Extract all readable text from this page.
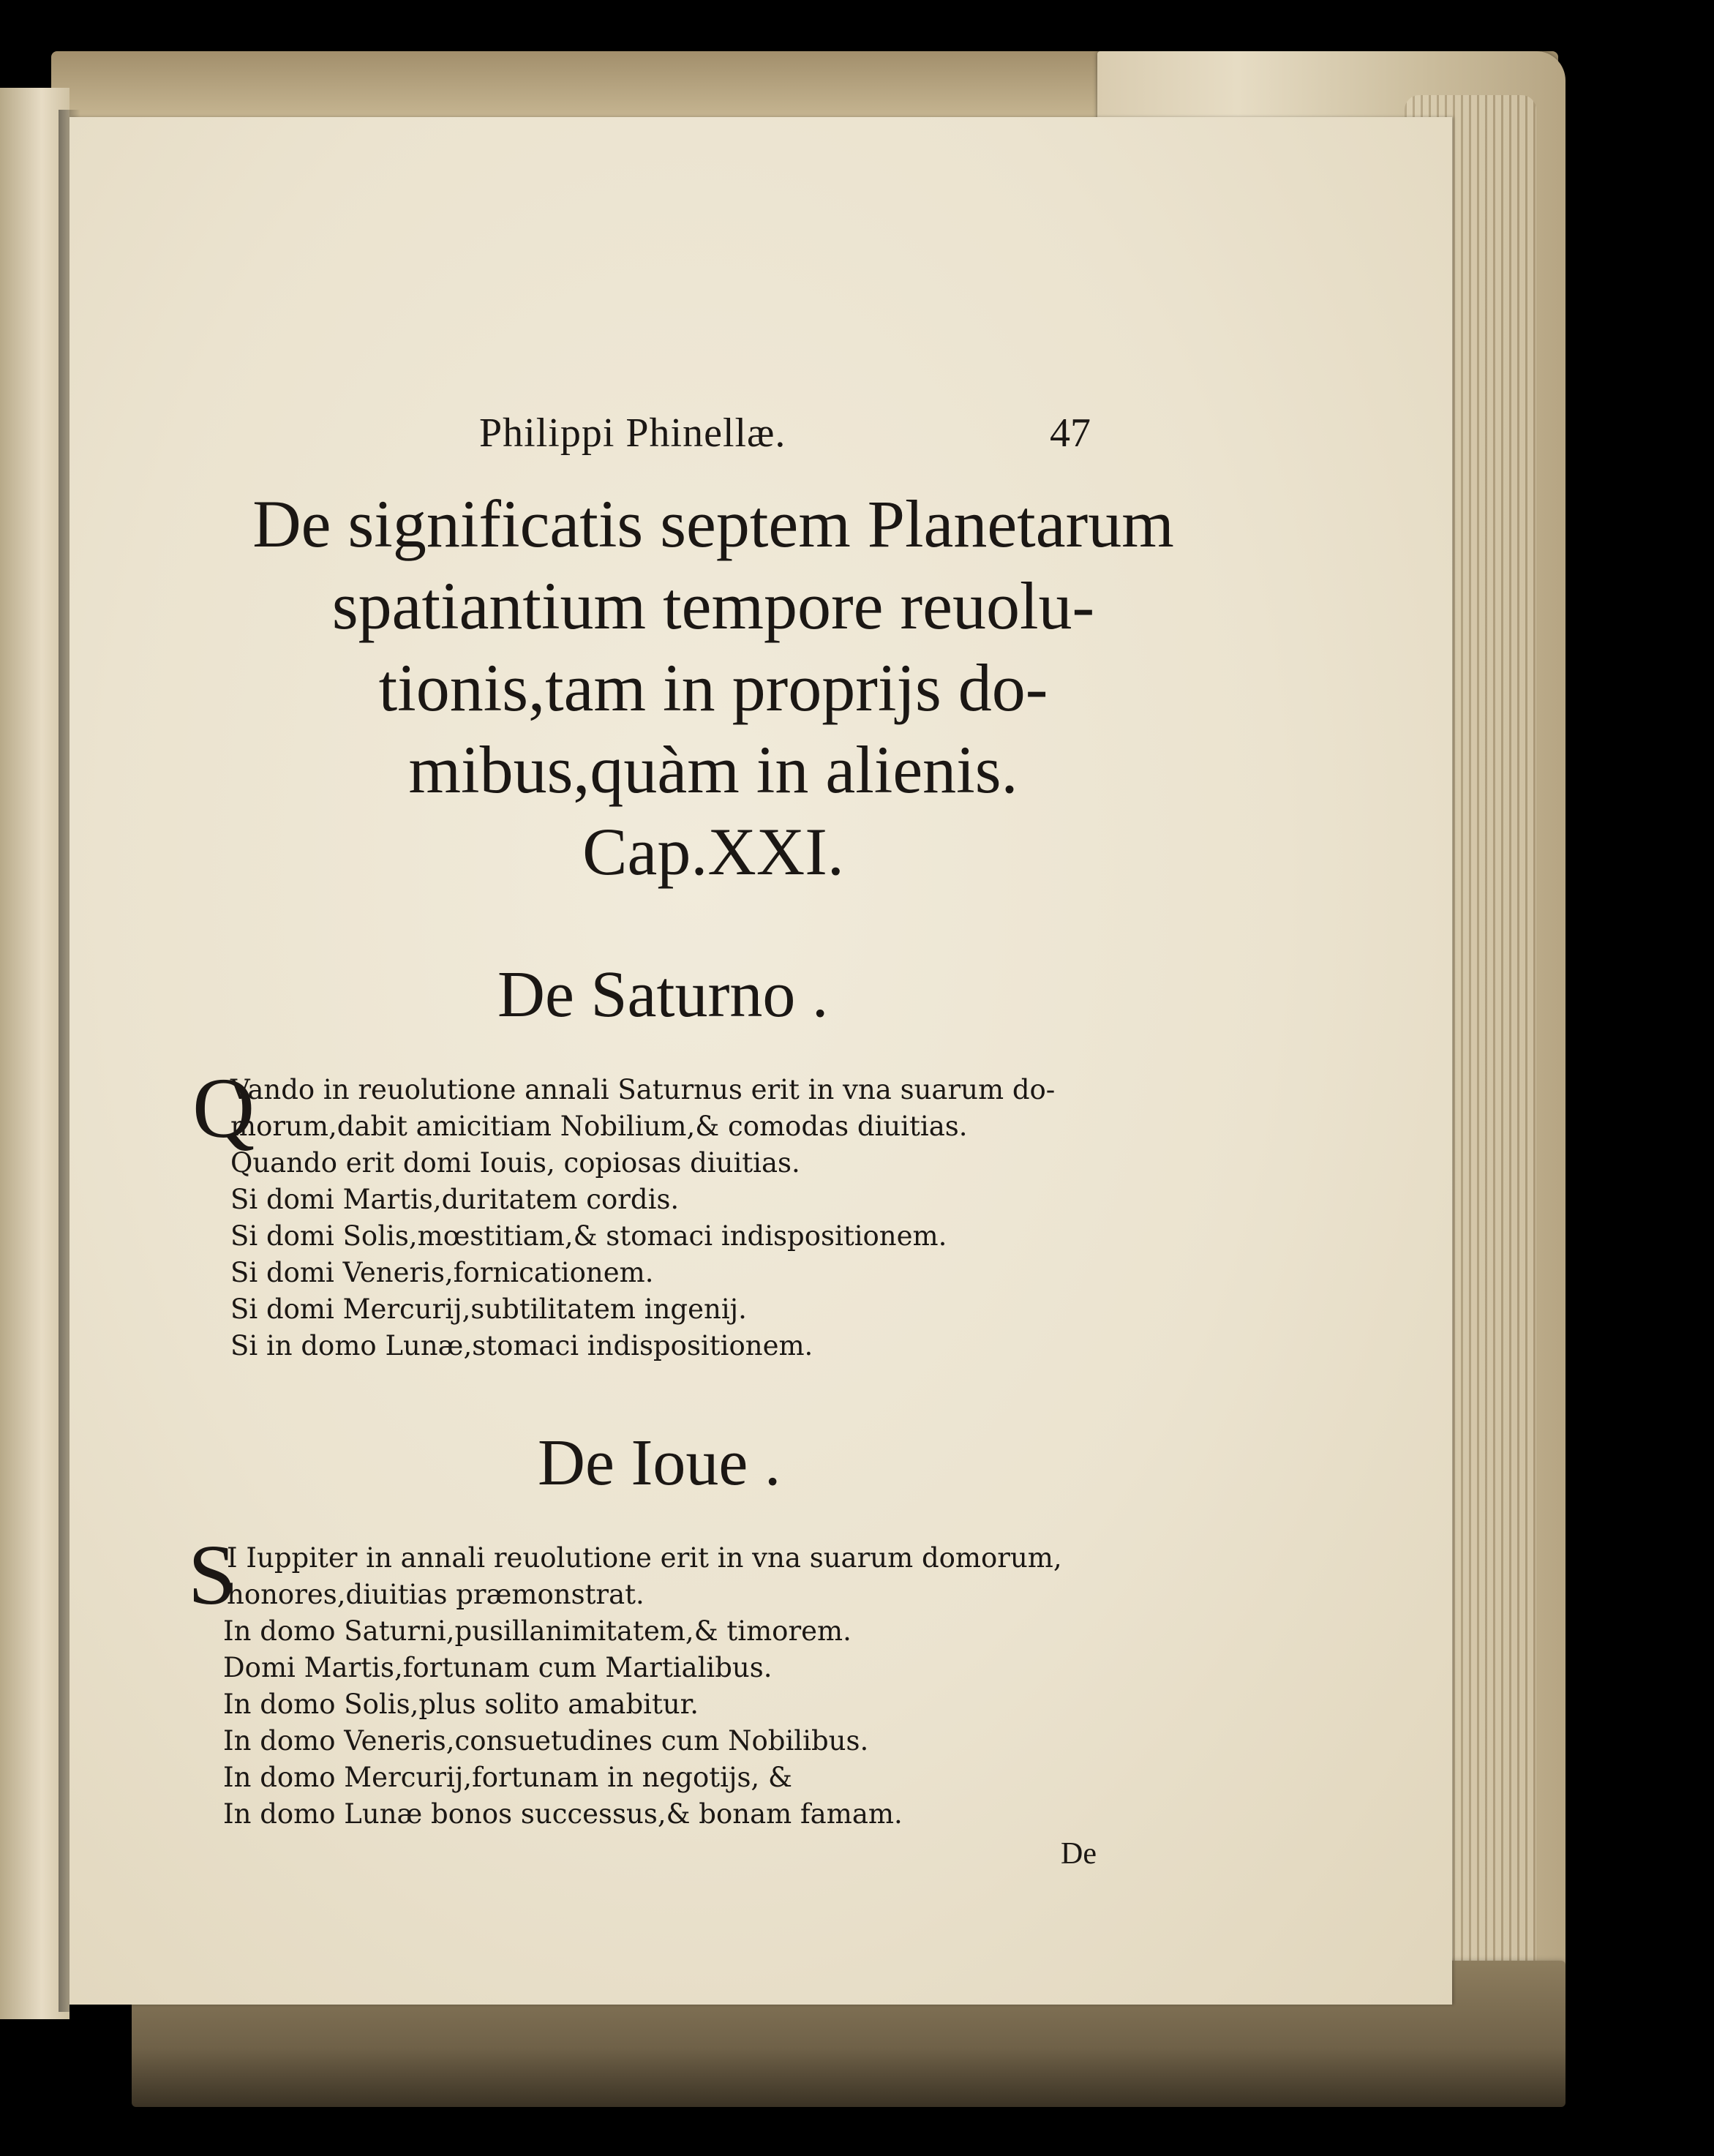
Philippi Phinellæ.	47
De significatis septem Planetarum
spatiantium tempore reuolu-
tionis,tam in proprijs do-
mibus,quàm in alienis.
Cap.XXI.
De Saturno .
Q
Vando in reuolutione annali Saturnus erit in vna suarum do-
morum,dabit amicitiam Nobilium,& comodas diuitias.
Quando erit domi Iouis, copiosas diuitias.
Si domi Martis,duritatem cordis.
Si domi Solis,mœstitiam,& stomaci indispositionem.
Si domi Veneris,fornicationem.
Si domi Mercurij,subtilitatem ingenij.
Si in domo Lunæ,stomaci indispositionem.
De Ioue .
S
I Iuppiter in annali reuolutione erit in vna suarum domorum,
honores,diuitias præmonstrat.
In domo Saturni,pusillanimitatem,& timorem.
Domi Martis,fortunam cum Martialibus.
In domo Solis,plus solito amabitur.
In domo Veneris,consuetudines cum Nobilibus.
In domo Mercurij,fortunam in negotijs, &
In domo Lunæ bonos successus,& bonam famam.
De
